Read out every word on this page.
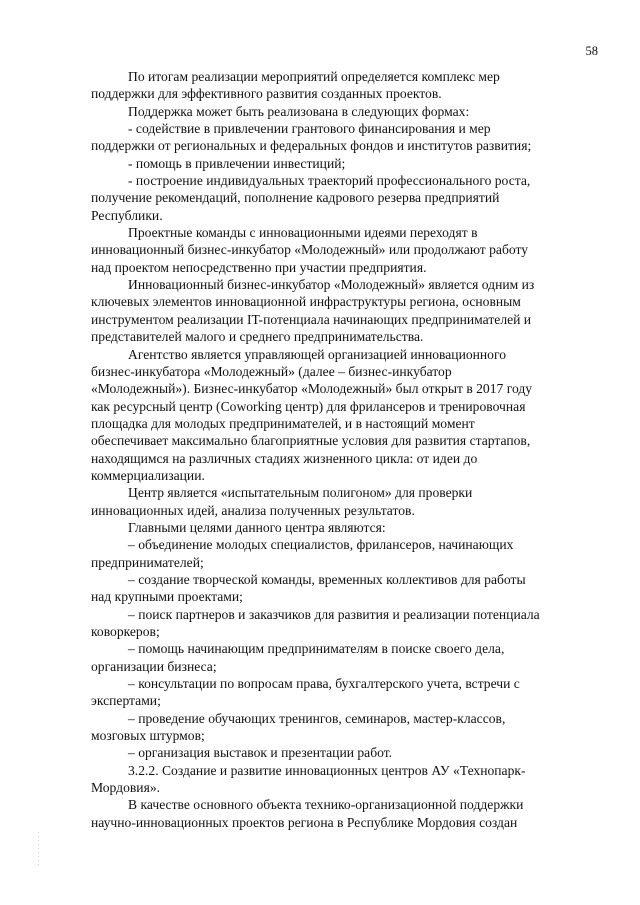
58

По итогам реализации мероприятий определяется комплекс мер
поддержки для эффективного развития созданных проектов.

Поддержка может быть реализована в следующих формах:

- содействие в привлечении грантового финансирования и мер
поддержки от региональных и федеральных фондов и институтов развития;

- помощь в привлечении инвестиций;

- построение индивидуальных траекторий профессионального роста,
получение рекомендаций, пополнение кадрового резерва предприятий
Республики.

Проектные команды с инновационными идеями переходят в
инновационный бизнес-инкубатор «Молодежный» или продолжают работу
над проектом непосредственно при участии предприятия.

Инновационный бизнес-инкубатор «Молодежный» является одним из
ключевых элементов инновационной инфраструктуры региона, основным
инструментом реализации IT-потенциала начинающих предпринимателей и
представителей малого и среднего предпринимательства.

Агентство является управляющей организацией инновационного
бизнес-инкубатора «Молодежный» (далее – бизнес-инкубатор
«Молодежный»). Бизнес-инкубатор «Молодежный» был открыт в 2017 году
как ресурсный центр (Coworking центр) для фрилансеров и тренировочная
площадка для молодых предпринимателей, и в настоящий момент
обеспечивает максимально благоприятные условия для развития стартапов,
находящимся на различных стадиях жизненного цикла: от идеи до
коммерциализации.

Центр является «испытательным полигоном» для проверки
инновационных идей, анализа полученных результатов.

Главными целями данного центра являются:

– объединение молодых специалистов, фрилансеров, начинающих
предпринимателей;

– создание творческой команды, временных коллективов для работы
над крупными проектами;

– поиск партнеров и заказчиков для развития и реализации потенциала
коворкеров;

– помощь начинающим предпринимателям в поиске своего дела,
организации бизнеса;

– консультации по вопросам права, бухгалтерского учета, встречи с
экспертами;

– проведение обучающих тренингов, семинаров, мастер-классов,
мозговых штурмов;

– организация выставок и презентации работ.

3.2.2. Создание и развитие инновационных центров АУ «Технопарк-
Мордовия».

В качестве основного объекта технико-организационной поддержки
научно-инновационных проектов региона в Республике Мордовия создан
